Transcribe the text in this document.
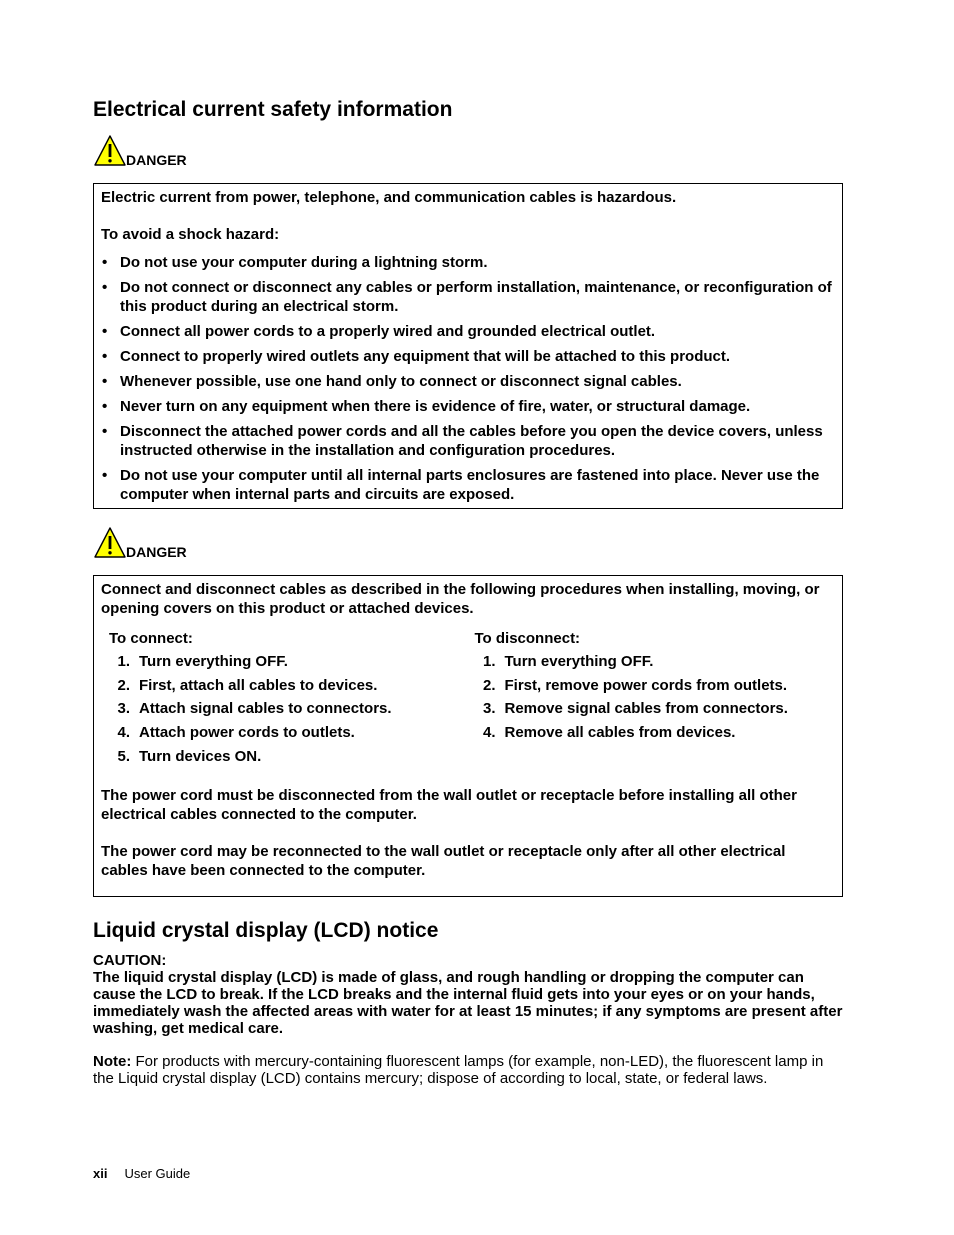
Electrical current safety information
DANGER

Electric current from power, telephone, and communication cables is hazardous.

To avoid a shock hazard:

• Do not use your computer during a lightning storm.
• Do not connect or disconnect any cables or perform installation, maintenance, or reconfiguration of this product during an electrical storm.
• Connect all power cords to a properly wired and grounded electrical outlet.
• Connect to properly wired outlets any equipment that will be attached to this product.
• Whenever possible, use one hand only to connect or disconnect signal cables.
• Never turn on any equipment when there is evidence of fire, water, or structural damage.
• Disconnect the attached power cords and all the cables before you open the device covers, unless instructed otherwise in the installation and configuration procedures.
• Do not use your computer until all internal parts enclosures are fastened into place. Never use the computer when internal parts and circuits are exposed.
DANGER

Connect and disconnect cables as described in the following procedures when installing, moving, or opening covers on this product or attached devices.

To connect:
1. Turn everything OFF.
2. First, attach all cables to devices.
3. Attach signal cables to connectors.
4. Attach power cords to outlets.
5. Turn devices ON.
To disconnect:
1. Turn everything OFF.
2. First, remove power cords from outlets.
3. Remove signal cables from connectors.
4. Remove all cables from devices.

The power cord must be disconnected from the wall outlet or receptacle before installing all other electrical cables connected to the computer.

The power cord may be reconnected to the wall outlet or receptacle only after all other electrical cables have been connected to the computer.

Liquid crystal display (LCD) notice
CAUTION:
The liquid crystal display (LCD) is made of glass, and rough handling or dropping the computer can cause the LCD to break. If the LCD breaks and the internal fluid gets into your eyes or on your hands, immediately wash the affected areas with water for at least 15 minutes; if any symptoms are present after washing, get medical care.
Note: For products with mercury-containing fluorescent lamps (for example, non-LED), the fluorescent lamp in the Liquid crystal display (LCD) contains mercury; dispose of according to local, state, or federal laws.
xii User Guide
